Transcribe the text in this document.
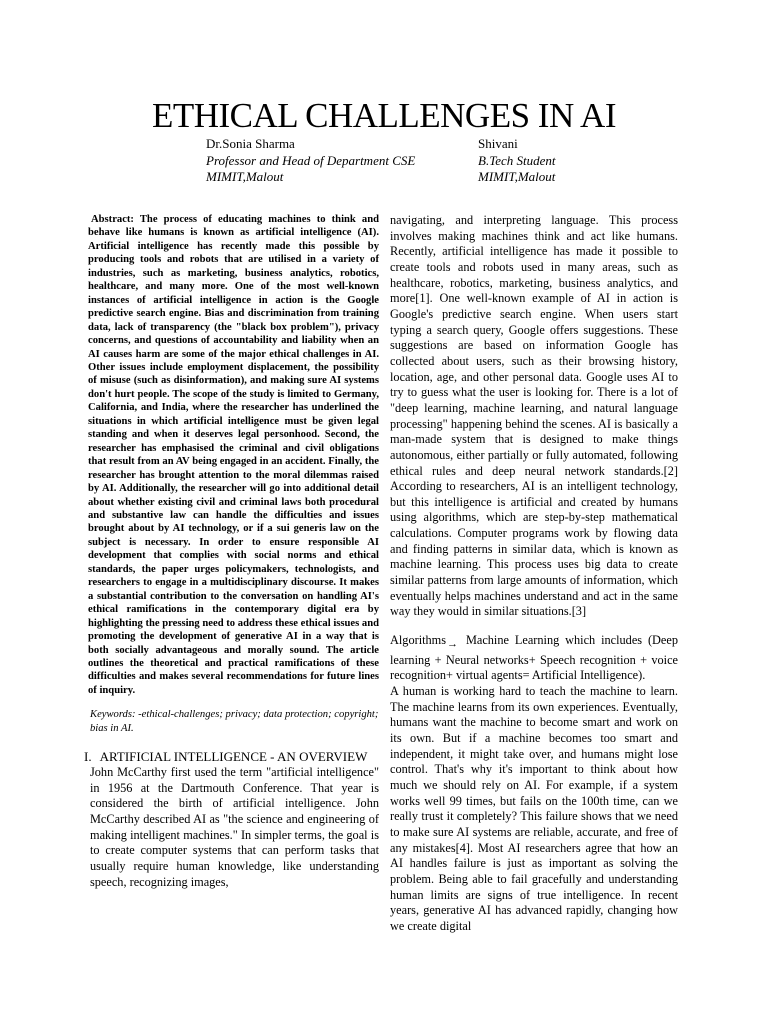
ETHICAL CHALLENGES IN AI
Dr.Sonia Sharma
Professor and Head of Department CSE
MIMIT,Malout
Shivani
B.Tech Student
MIMIT,Malout

Abstract: The process of educating machines to think and behave like humans is known as artificial intelligence (AI). Artificial intelligence has recently made this possible by producing tools and robots that are utilised in a variety of industries, such as marketing, business analytics, robotics, healthcare, and many more. One of the most well-known instances of artificial intelligence in action is the Google predictive search engine. Bias and discrimination from training data, lack of transparency (the "black box problem"), privacy concerns, and questions of accountability and liability when an AI causes harm are some of the major ethical challenges in AI. Other issues include employment displacement, the possibility of misuse (such as disinformation), and making sure AI systems don't hurt people. The scope of the study is limited to Germany, California, and India, where the researcher has underlined the situations in which artificial intelligence must be given legal standing and when it deserves legal personhood. Second, the researcher has emphasised the criminal and civil obligations that result from an AV being engaged in an accident. Finally, the researcher has brought attention to the moral dilemmas raised by AI. Additionally, the researcher will go into additional detail about whether existing civil and criminal laws both procedural and substantive law can handle the difficulties and issues brought about by AI technology, or if a sui generis law on the subject is necessary. In order to ensure responsible AI development that complies with social norms and ethical standards, the paper urges policymakers, technologists, and researchers to engage in a multidisciplinary discourse. It makes a substantial contribution to the conversation on handling AI's ethical ramifications in the contemporary digital era by highlighting the pressing need to address these ethical issues and promoting the development of generative AI in a way that is both socially advantageous and morally sound. The article outlines the theoretical and practical ramifications of these difficulties and makes several recommendations for future lines of inquiry.

Keywords: -ethical-challenges; privacy; data protection; copyright; bias in AI.

I. ARTIFICIAL INTELLIGENCE - AN OVERVIEW

John McCarthy first used the term "artificial intelligence" in 1956 at the Dartmouth Conference. That year is considered the birth of artificial intelligence. John McCarthy described AI as "the science and engineering of making intelligent machines." In simpler terms, the goal is to create computer systems that can perform tasks that usually require human knowledge, like understanding speech, recognizing images,

navigating, and interpreting language. This process involves making machines think and act like humans. Recently, artificial intelligence has made it possible to create tools and robots used in many areas, such as healthcare, robotics, marketing, business analytics, and more[1]. One well-known example of AI in action is Google's predictive search engine. When users start typing a search query, Google offers suggestions. These suggestions are based on information Google has collected about users, such as their browsing history, location, age, and other personal data. Google uses AI to try to guess what the user is looking for. There is a lot of "deep learning, machine learning, and natural language processing" happening behind the scenes. AI is basically a man-made system that is designed to make things autonomous, either partially or fully automated, following ethical rules and deep neural network standards.[2] According to researchers, AI is an intelligent technology, but this intelligence is artificial and created by humans using algorithms, which are step-by-step mathematical calculations. Computer programs work by flowing data and finding patterns in similar data, which is known as machine learning. This process uses big data to create similar patterns from large amounts of information, which eventually helps machines understand and act in the same way they would in similar situations.[3]

Algorithms→ Machine Learning which includes (Deep learning + Neural networks+ Speech recognition + voice recognition+ virtual agents= Artificial Intelligence).

A human is working hard to teach the machine to learn. The machine learns from its own experiences. Eventually, humans want the machine to become smart and work on its own. But if a machine becomes too smart and independent, it might take over, and humans might lose control. That's why it's important to think about how much we should rely on AI. For example, if a system works well 99 times, but fails on the 100th time, can we really trust it completely? This failure shows that we need to make sure AI systems are reliable, accurate, and free of any mistakes[4]. Most AI researchers agree that how an AI handles failure is just as important as solving the problem. Being able to fail gracefully and understanding human limits are signs of true intelligence. In recent years, generative AI has advanced rapidly, changing how we create digital
